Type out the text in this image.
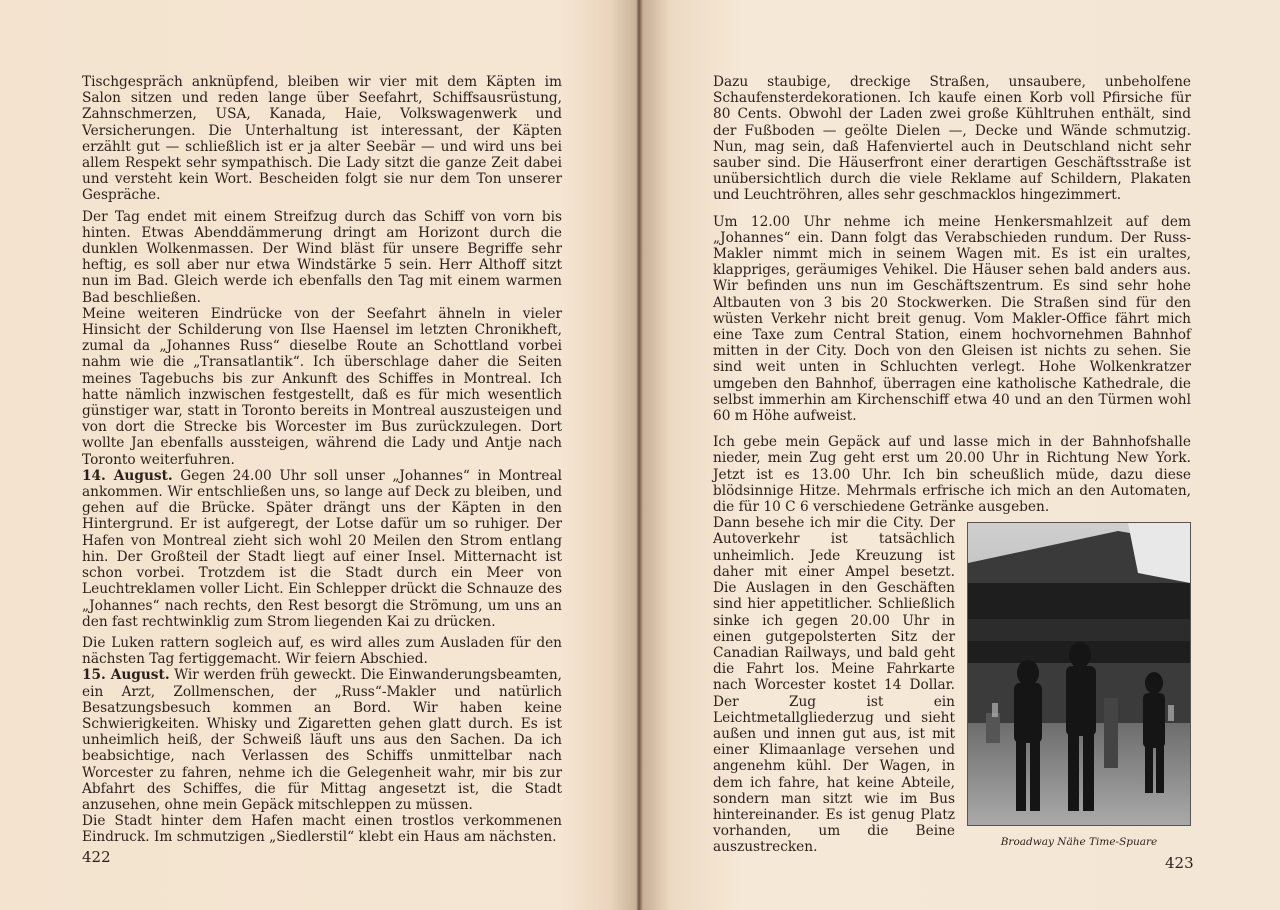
Tischgespräch anknüpfend, bleiben wir vier mit dem Käpten im Salon sitzen und reden lange über Seefahrt, Schiffsausrüstung, Zahnschmerzen, USA, Kanada, Haie, Volkswagenwerk und Versicherungen. Die Unterhaltung ist interessant, der Käpten erzählt gut — schließlich ist er ja alter Seebär — und wird uns bei allem Respekt sehr sympathisch. Die Lady sitzt die ganze Zeit dabei und versteht kein Wort. Bescheiden folgt sie nur dem Ton unserer Gespräche.

Der Tag endet mit einem Streifzug durch das Schiff von vorn bis hinten. Etwas Abenddämmerung dringt am Horizont durch die dunklen Wolkenmassen. Der Wind bläst für unsere Begriffe sehr heftig, es soll aber nur etwa Windstärke 5 sein. Herr Althoff sitzt nun im Bad. Gleich werde ich ebenfalls den Tag mit einem warmen Bad beschließen.

Meine weiteren Eindrücke von der Seefahrt ähneln in vieler Hinsicht der Schilderung von Ilse Haensel im letzten Chronikheft, zumal da „Johannes Russ“ dieselbe Route an Schottland vorbei nahm wie die „Transatlantik“. Ich überschlage daher die Seiten meines Tagebuchs bis zur Ankunft des Schiffes in Montreal. Ich hatte nämlich inzwischen festgestellt, daß es für mich wesentlich günstiger war, statt in Toronto bereits in Montreal auszusteigen und von dort die Strecke bis Worcester im Bus zurückzulegen. Dort wollte Jan ebenfalls aussteigen, während die Lady und Antje nach Toronto weiterfuhren.

14. August. Gegen 24.00 Uhr soll unser „Johannes“ in Montreal ankommen. Wir entschließen uns, so lange auf Deck zu bleiben, und gehen auf die Brücke. Später drängt uns der Käpten in den Hintergrund. Er ist aufgeregt, der Lotse dafür um so ruhiger. Der Hafen von Montreal zieht sich wohl 20 Meilen den Strom entlang hin. Der Großteil der Stadt liegt auf einer Insel. Mitternacht ist schon vorbei. Trotzdem ist die Stadt durch ein Meer von Leuchtreklamen voller Licht. Ein Schlepper drückt die Schnauze des „Johannes“ nach rechts, den Rest besorgt die Strömung, um uns an den fast rechtwinklig zum Strom liegenden Kai zu drücken.

Die Luken rattern sogleich auf, es wird alles zum Ausladen für den nächsten Tag fertiggemacht. Wir feiern Abschied.

15. August. Wir werden früh geweckt. Die Einwanderungsbeamten, ein Arzt, Zollmenschen, der „Russ“-Makler und natürlich Besatzungsbesuch kommen an Bord. Wir haben keine Schwierigkeiten. Whisky und Zigaretten gehen glatt durch. Es ist unheimlich heiß, der Schweiß läuft uns aus den Sachen. Da ich beabsichtige, nach Verlassen des Schiffs unmittelbar nach Worcester zu fahren, nehme ich die Gelegenheit wahr, mir bis zur Abfahrt des Schiffes, die für Mittag angesetzt ist, die Stadt anzusehen, ohne mein Gepäck mitschleppen zu müssen.

Die Stadt hinter dem Hafen macht einen trostlos verkommenen Eindruck. Im schmutzigen „Siedlerstil“ klebt ein Haus am nächsten.

422

Dazu staubige, dreckige Straßen, unsaubere, unbeholfene Schaufensterdekorationen. Ich kaufe einen Korb voll Pfirsiche für 80 Cents. Obwohl der Laden zwei große Kühltruhen enthält, sind der Fußboden — geölte Dielen —, Decke und Wände schmutzig. Nun, mag sein, daß Hafenviertel auch in Deutschland nicht sehr sauber sind. Die Häuserfront einer derartigen Geschäftsstraße ist unübersichtlich durch die viele Reklame auf Schildern, Plakaten und Leuchtröhren, alles sehr geschmacklos hingezimmert.

Um 12.00 Uhr nehme ich meine Henkersmahlzeit auf dem „Johannes“ ein. Dann folgt das Verabschieden rundum. Der Russ-Makler nimmt mich in seinem Wagen mit. Es ist ein uraltes, klappriges, geräumiges Vehikel. Die Häuser sehen bald anders aus. Wir befinden uns nun im Geschäftszentrum. Es sind sehr hohe Altbauten von 3 bis 20 Stockwerken. Die Straßen sind für den wüsten Verkehr nicht breit genug. Vom Makler-Office fährt mich eine Taxe zum Central Station, einem hochvornehmen Bahnhof mitten in der City. Doch von den Gleisen ist nichts zu sehen. Sie sind weit unten in Schluchten verlegt. Hohe Wolkenkratzer umgeben den Bahnhof, überragen eine katholische Kathedrale, die selbst immerhin am Kirchenschiff etwa 40 und an den Türmen wohl 60 m Höhe aufweist.

Ich gebe mein Gepäck auf und lasse mich in der Bahnhofshalle nieder, mein Zug geht erst um 20.00 Uhr in Richtung New York. Jetzt ist es 13.00 Uhr. Ich bin scheußlich müde, dazu diese blödsinnige Hitze. Mehrmals erfrische ich mich an den Automaten, die für 10 C 6 verschiedene Getränke ausgeben.

Broadway Nähe Time-Spuare

Dann besehe ich mir die City. Der Autoverkehr ist tatsächlich unheimlich. Jede Kreuzung ist daher mit einer Ampel besetzt. Die Auslagen in den Geschäften sind hier appetitlicher. Schließlich sinke ich gegen 20.00 Uhr in einen gutgepolsterten Sitz der Canadian Railways, und bald geht die Fahrt los. Meine Fahrkarte nach Worcester kostet 14 Dollar. Der Zug ist ein Leichtmetallgliederzug und sieht außen und innen gut aus, ist mit einer Klimaanlage versehen und angenehm kühl. Der Wagen, in dem ich fahre, hat keine Abteile, sondern man sitzt wie im Bus hintereinander. Es ist genug Platz vorhanden, um die Beine auszustrecken.

423
